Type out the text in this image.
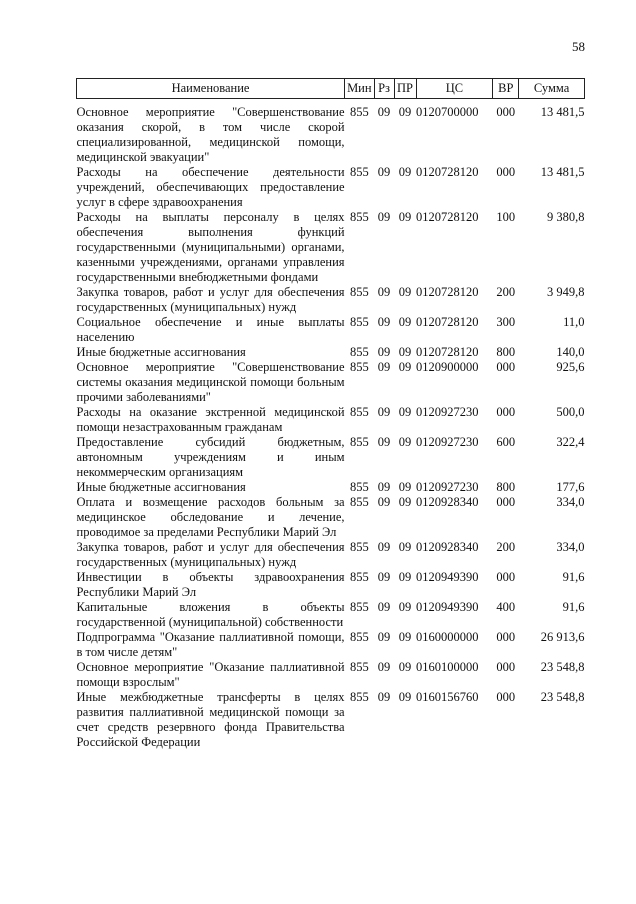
58
Наименование	Мин	Рз	ПР	ЦС	ВР	Сумма

Основное мероприятие "Совершенствование оказания скорой, в том числе скорой специализированной, медицинской помощи, медицинской эвакуации"	855	09	09	0120700000	000	13 481,5
Расходы на обеспечение деятельности учреждений, обеспечивающих предоставление услуг в сфере здравоохранения	855	09	09	0120728120	000	13 481,5
Расходы на выплаты персоналу в целях обеспечения выполнения функций государственными (муниципальными) органами, казенными учреждениями, органами управления государственными внебюджетными фондами	855	09	09	0120728120	100	9 380,8
Закупка товаров, работ и услуг для обеспечения государственных (муниципальных) нужд	855	09	09	0120728120	200	3 949,8
Социальное обеспечение и иные выплаты населению	855	09	09	0120728120	300	11,0
Иные бюджетные ассигнования	855	09	09	0120728120	800	140,0
Основное мероприятие "Совершенствование системы оказания медицинской помощи больным прочими заболеваниями"	855	09	09	0120900000	000	925,6
Расходы на оказание экстренной медицинской помощи незастрахованным гражданам	855	09	09	0120927230	000	500,0
Предоставление субсидий бюджетным, автономным учреждениям и иным некоммерческим организациям	855	09	09	0120927230	600	322,4
Иные бюджетные ассигнования	855	09	09	0120927230	800	177,6
Оплата и возмещение расходов больным за медицинское обследование и лечение, проводимое за пределами Республики Марий Эл	855	09	09	0120928340	000	334,0
Закупка товаров, работ и услуг для обеспечения государственных (муниципальных) нужд	855	09	09	0120928340	200	334,0
Инвестиции в объекты здравоохранения Республики Марий Эл	855	09	09	0120949390	000	91,6
Капитальные вложения в объекты государственной (муниципальной) собственности	855	09	09	0120949390	400	91,6
Подпрограмма "Оказание паллиативной помощи, в том числе детям"	855	09	09	0160000000	000	26 913,6
Основное мероприятие "Оказание паллиативной помощи взрослым"	855	09	09	0160100000	000	23 548,8
Иные межбюджетные трансферты в целях развития паллиативной медицинской помощи за счет средств резервного фонда Правительства Российской Федерации	855	09	09	0160156760	000	23 548,8
